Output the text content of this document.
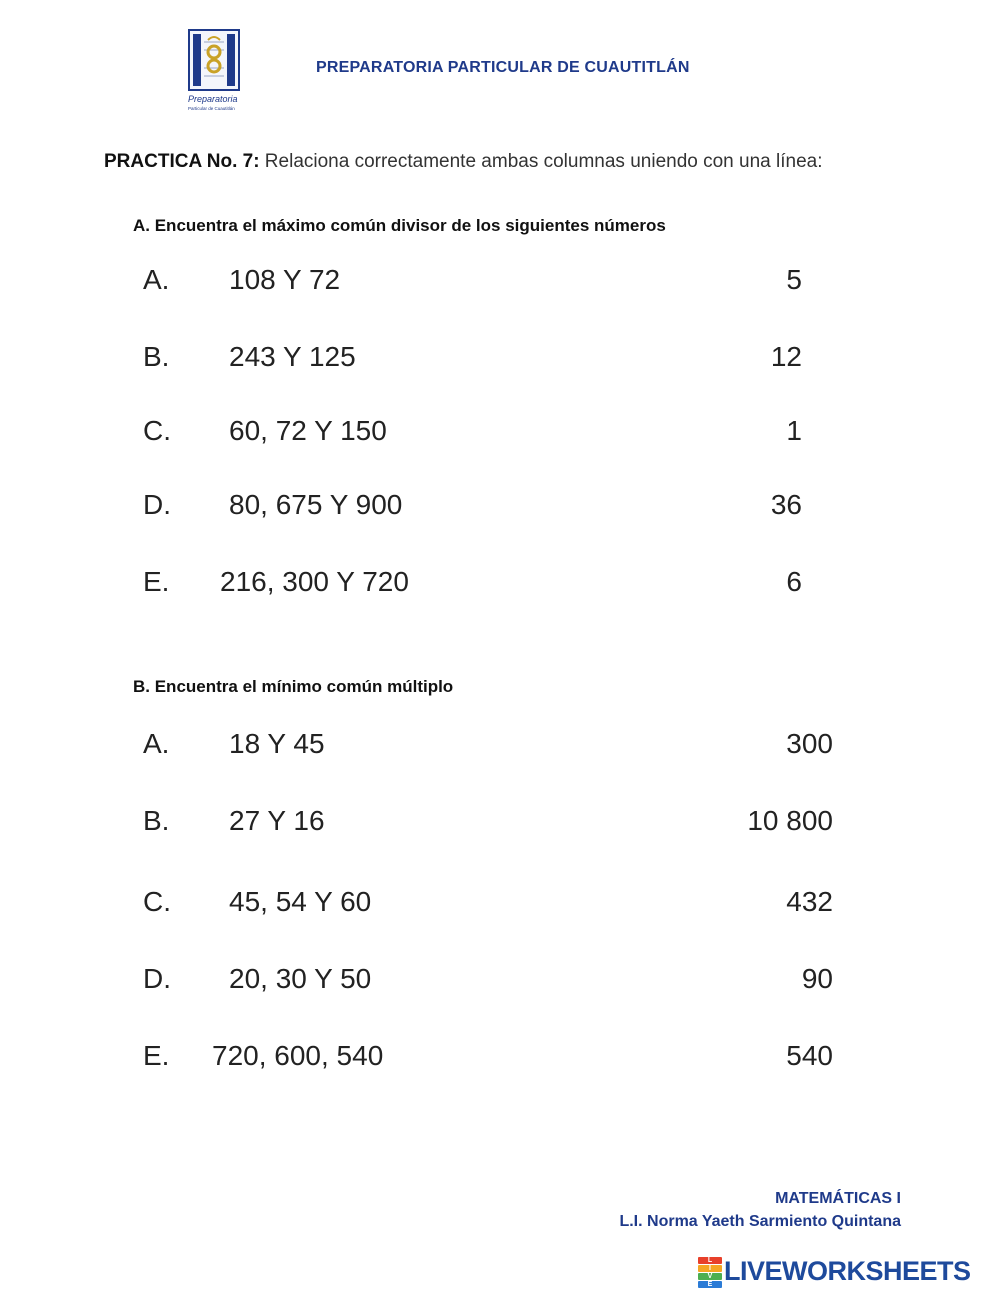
Preparatoria
Particular de Cuautitlán
PREPARATORIA PARTICULAR DE CUAUTITLÁN
PRACTICA No. 7: Relaciona correctamente ambas columnas uniendo con una línea:
A. Encuentra el máximo común divisor de los siguientes números
A. 108 Y 72	5
B. 243 Y 125	12
C. 60, 72 Y 150	1
D. 80, 675 Y 900	36
E. 216, 300 Y 720	6
B. Encuentra el mínimo común múltiplo
A. 18 Y 45	300
B. 27 Y 16	10 800
C. 45, 54 Y 60	432
D. 20, 30 Y 50	90
E. 720, 600, 540	540
MATEMÁTICAS I
L.I. Norma Yaeth Sarmiento Quintana
L
I
V
E LIVEWORKSHEETS
